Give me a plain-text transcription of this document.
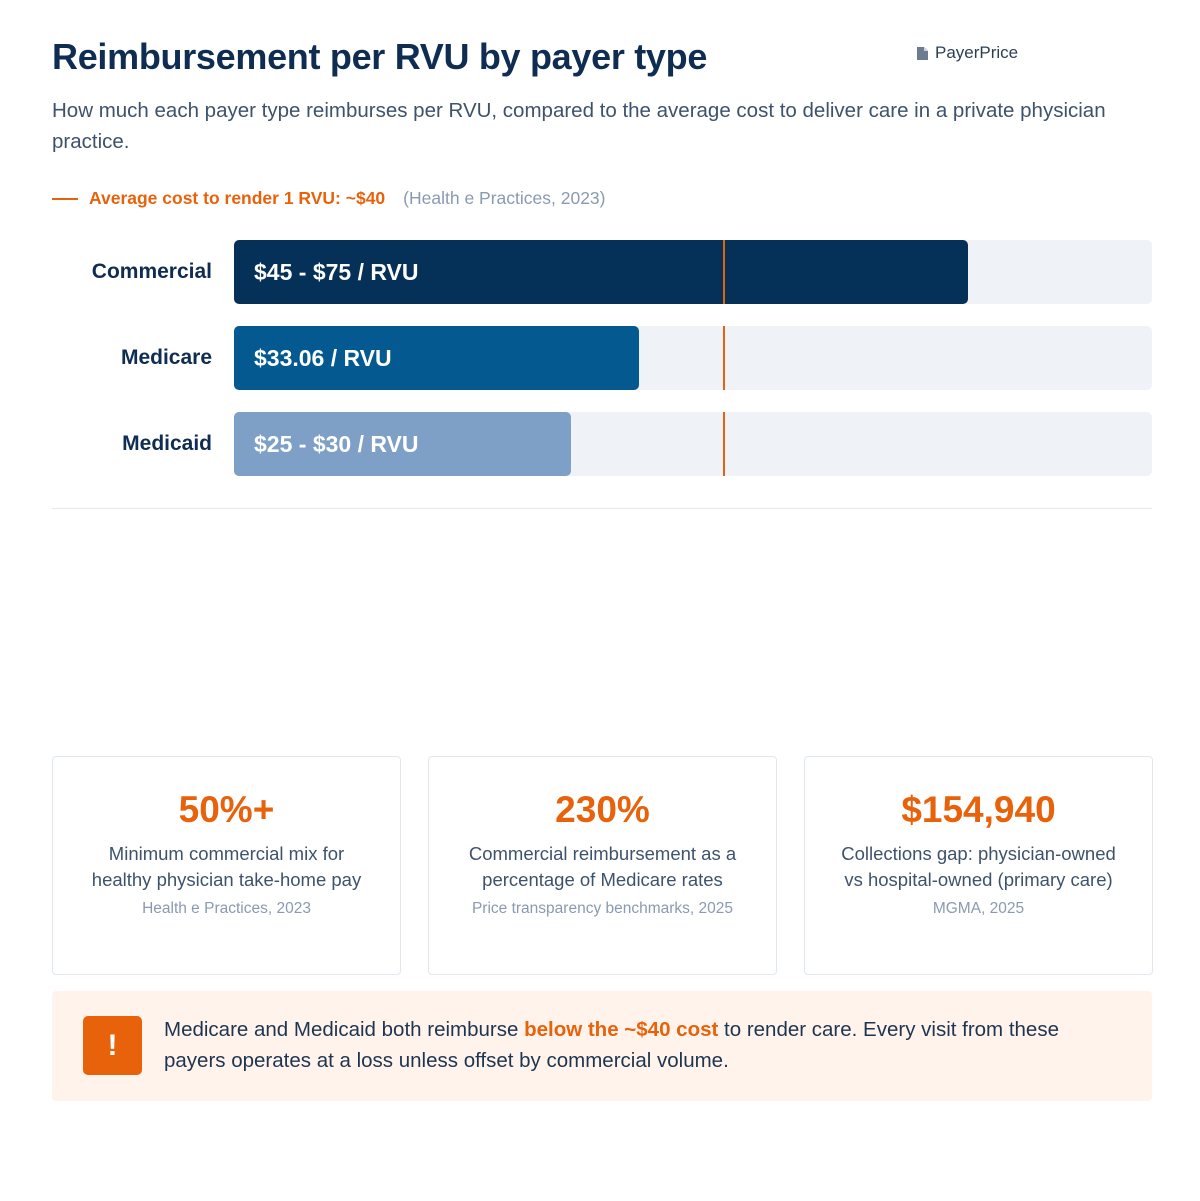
Reimbursement per RVU by payer type	PayerPrice
How much each payer type reimburses per RVU, compared to the average cost to deliver care in a private physician practice.
Average cost to render 1 RVU: ~$40 (Health e Practices, 2023)
Commercial $45 - $75 / RVU
Medicare $33.06 / RVU
Medicaid $25 - $30 / RVU
50%+
Minimum commercial mix for healthy physician take-home pay
Health e Practices, 2023
230%
Commercial reimbursement as a percentage of Medicare rates
Price transparency benchmarks, 2025
$154,940
Collections gap: physician-owned vs hospital-owned (primary care)
MGMA, 2025
!	Medicare and Medicaid both reimburse below the ~$40 cost to render care. Every visit from these payers operates at a loss unless offset by commercial volume.
